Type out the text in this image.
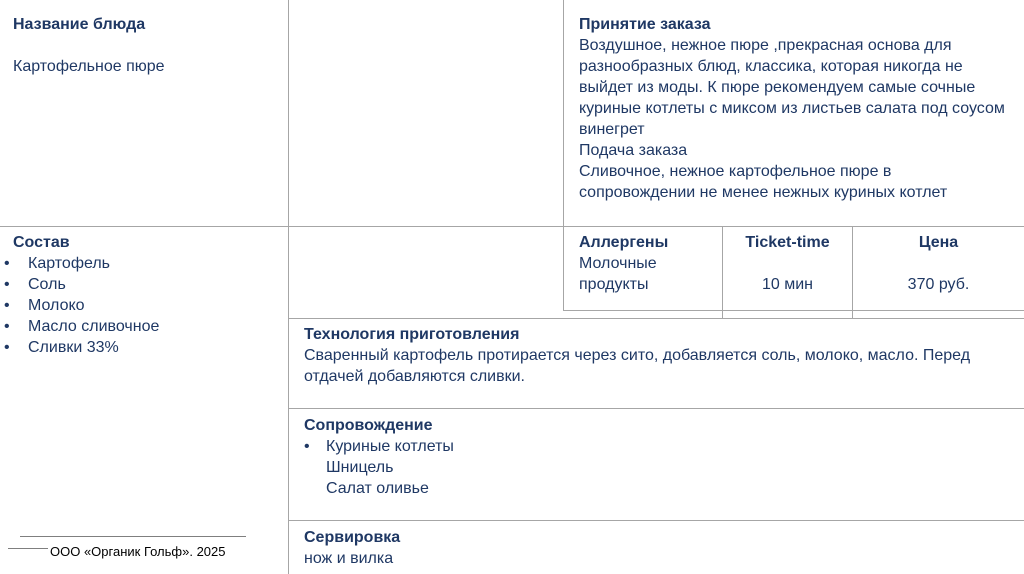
Название блюда
Картофельное пюре
Принятие заказа
Воздушное, нежное пюре ,прекрасная основа для разнообразных блюд, классика, которая никогда не выйдет из моды. К пюре рекомендуем самые сочные куриные котлеты с миксом из листьев салата под соусом винегрет
Подача заказа
Сливочное, нежное картофельное пюре в сопровождении не менее нежных куриных котлет
Состав
• Картофель
• Соль
• Молоко
• Масло сливочное
• Сливки 33%
Аллергены
Молочные продукты
Ticket-time
10 мин
Цена
370 руб.
Технология приготовления
Сваренный картофель протирается через сито, добавляется соль, молоко, масло. Перед отдачей добавляются сливки.
Сопровождение
• Куриные котлеты
Шницель
Салат оливье
Сервировка
нож и вилка
ООО «Органик Гольф». 2025
